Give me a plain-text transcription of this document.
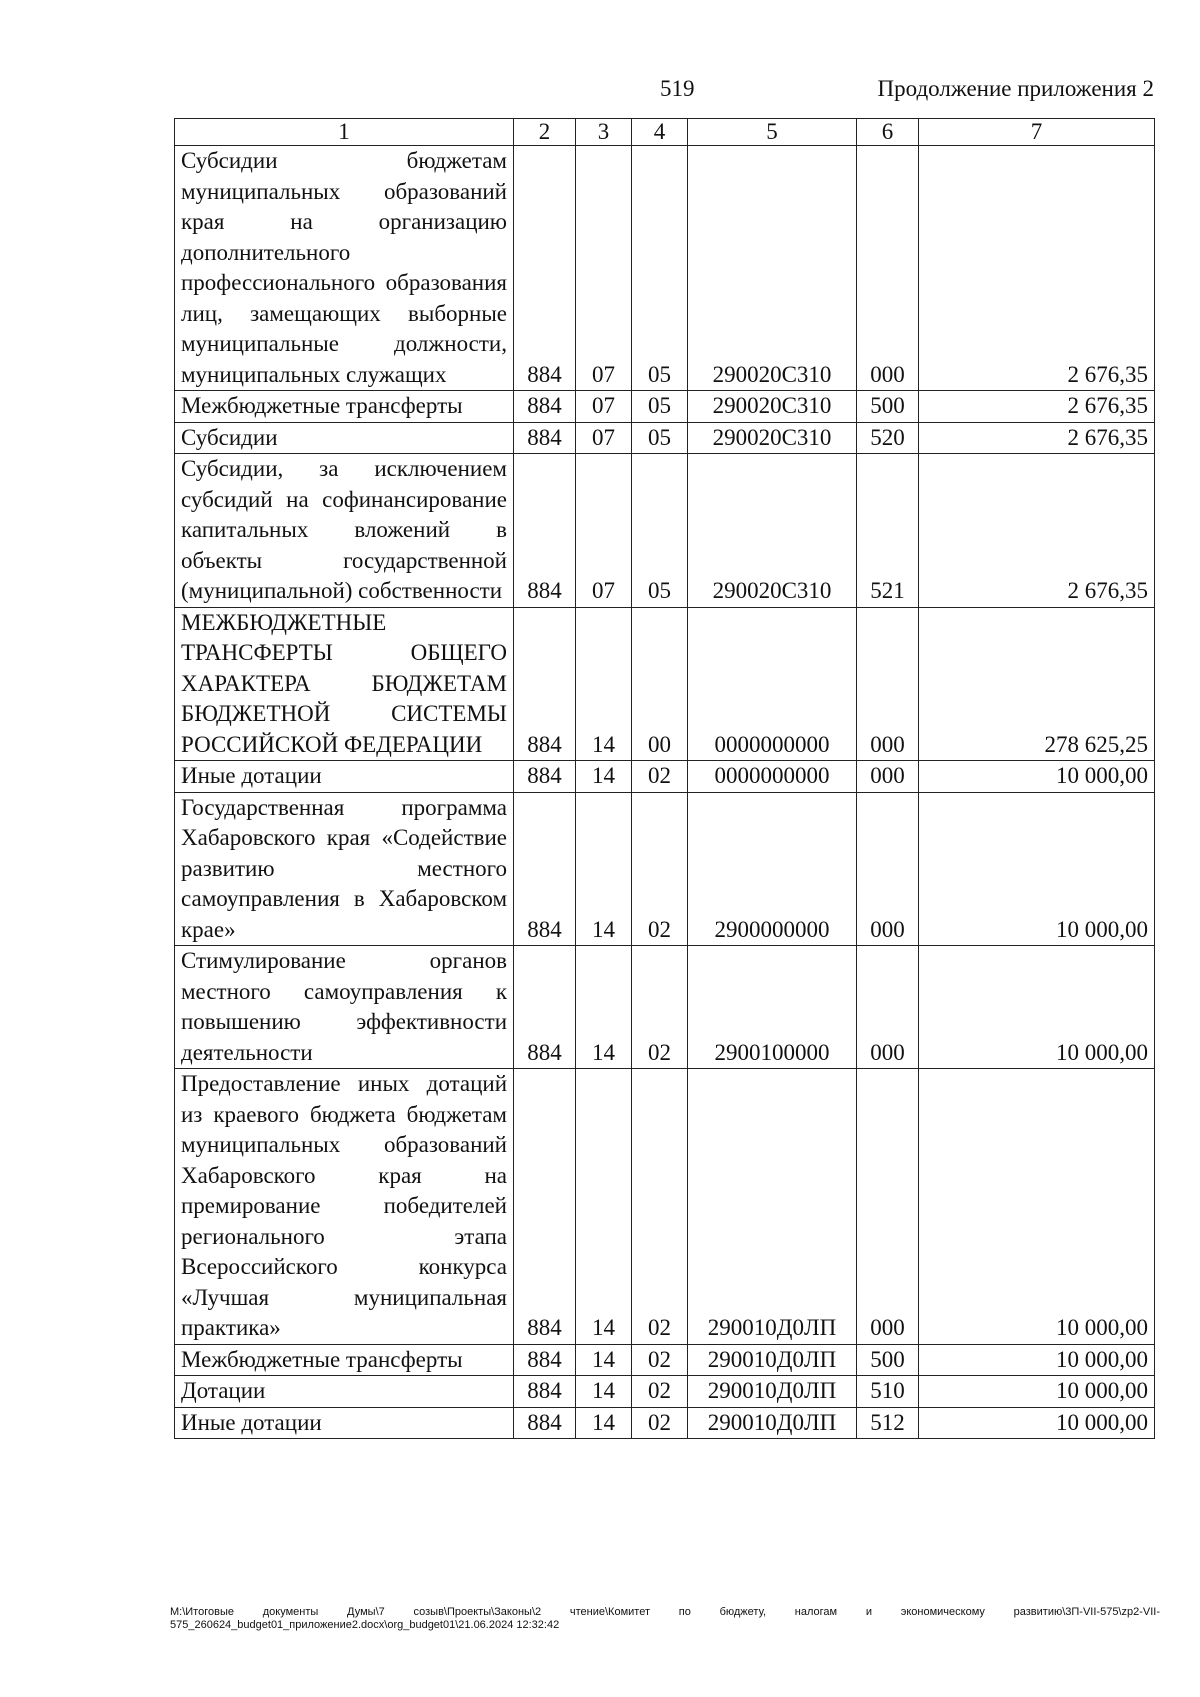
519	Продолжение приложения 2
1	2	3	4	5	6	7
Субсидии бюджетам муниципальных образований края на организацию дополнительного профессионального образования лиц, замещающих выборные муниципальные должности, муниципальных служащих	884	07	05	290020С310	000	2 676,35
Межбюджетные трансферты	884	07	05	290020С310	500	2 676,35
Субсидии	884	07	05	290020С310	520	2 676,35
Субсидии, за исключением субсидий на софинансирование капитальных вложений в объекты государственной (муниципальной) собственности	884	07	05	290020С310	521	2 676,35
МЕЖБЮДЖЕТНЫЕ ТРАНСФЕРТЫ ОБЩЕГО ХАРАКТЕРА БЮДЖЕТАМ БЮДЖЕТНОЙ СИСТЕМЫ РОССИЙСКОЙ ФЕДЕРАЦИИ	884	14	00	0000000000	000	278 625,25
Иные дотации	884	14	02	0000000000	000	10 000,00
Государственная программа Хабаровского края «Содействие развитию местного самоуправления в Хабаровском крае»	884	14	02	2900000000	000	10 000,00
Стимулирование органов местного самоуправления к повышению эффективности деятельности	884	14	02	2900100000	000	10 000,00
Предоставление иных дотаций из краевого бюджета бюджетам муниципальных образований Хабаровского края на премирование победителей регионального этапа Всероссийского конкурса «Лучшая муниципальная практика»	884	14	02	290010Д0ЛП	000	10 000,00
Межбюджетные трансферты	884	14	02	290010Д0ЛП	500	10 000,00
Дотации	884	14	02	290010Д0ЛП	510	10 000,00
Иные дотации	884	14	02	290010Д0ЛП	512	10 000,00
M:\Итоговые документы Думы\7 созыв\Проекты\Законы\2 чтение\Комитет по бюджету, налогам и экономическому развитию\3П-VII-575\zp2-VII-575_260624_budget01_приложение2.docx\org_budget01\21.06.2024 12:32:42
